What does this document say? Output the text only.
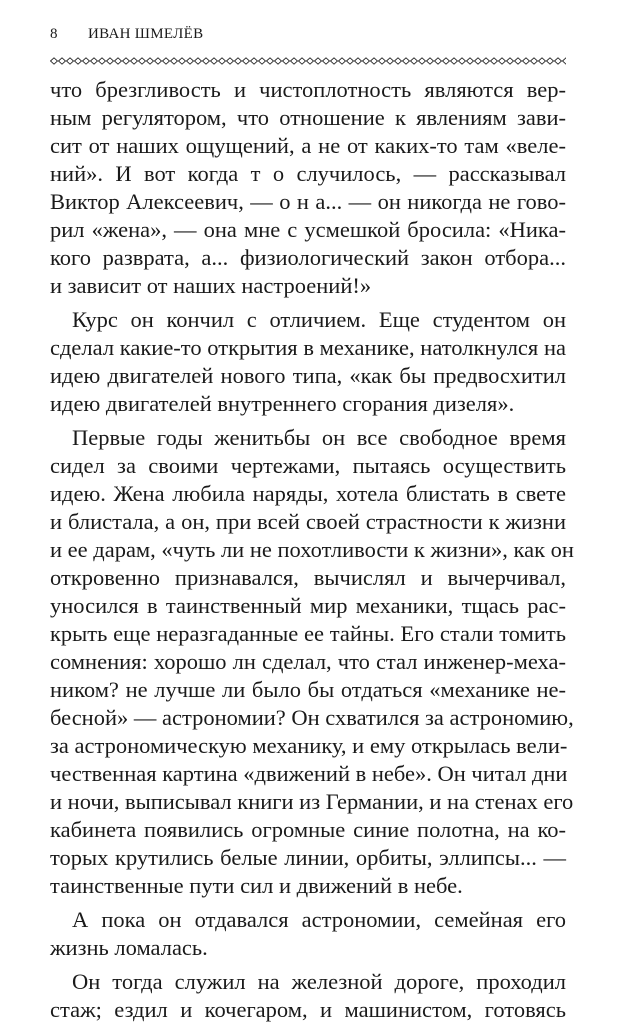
8 ИВАН ШМЕЛЁВ
что брезгливость и чистоплотность являются вер-
ным регулятором, что отношение к явлениям зави-
сит от наших ощущений, а не от каких-то там «веле-
ний». И вот когда т о случилось, — рассказывал
Виктор Алексеевич, — о н а... — он никогда не гово-
рил «жена», — она мне с усмешкой бросила: «Ника-
кого разврата, а... физиологический закон отбора...
и зависит от наших настроений!»
Курс он кончил с отличием. Еще студентом он
сделал какие-то открытия в механике, натолкнулся на
идею двигателей нового типа, «как бы предвосхитил
идею двигателей внутреннего сгорания дизеля».
Первые годы женитьбы он все свободное время
сидел за своими чертежами, пытаясь осуществить
идею. Жена любила наряды, хотела блистать в свете
и блистала, а он, при всей своей страстности к жизни
и ее дарам, «чуть ли не похотливости к жизни», как он
откровенно признавался, вычислял и вычерчивал,
уносился в таинственный мир механики, тщась рас-
крыть еще неразгаданные ее тайны. Его стали томить
сомнения: хорошо лн сделал, что стал инженер-меха-
ником? не лучше ли было бы отдаться «механике не-
бесной» — астрономии? Он схватился за астрономию,
за астрономическую механику, и ему открылась вели-
чественная картина «движений в небе». Он читал дни
и ночи, выписывал книги из Германии, и на стенах его
кабинета появились огромные синие полотна, на ко-
торых крутились белые линии, орбиты, эллипсы... —
таинственные пути сил и движений в небе.
А пока он отдавался астрономии, семейная его
жизнь ломалась.
Он тогда служил на железной дороге, проходил
стаж; ездил и кочегаром, и машинистом, готовясь
